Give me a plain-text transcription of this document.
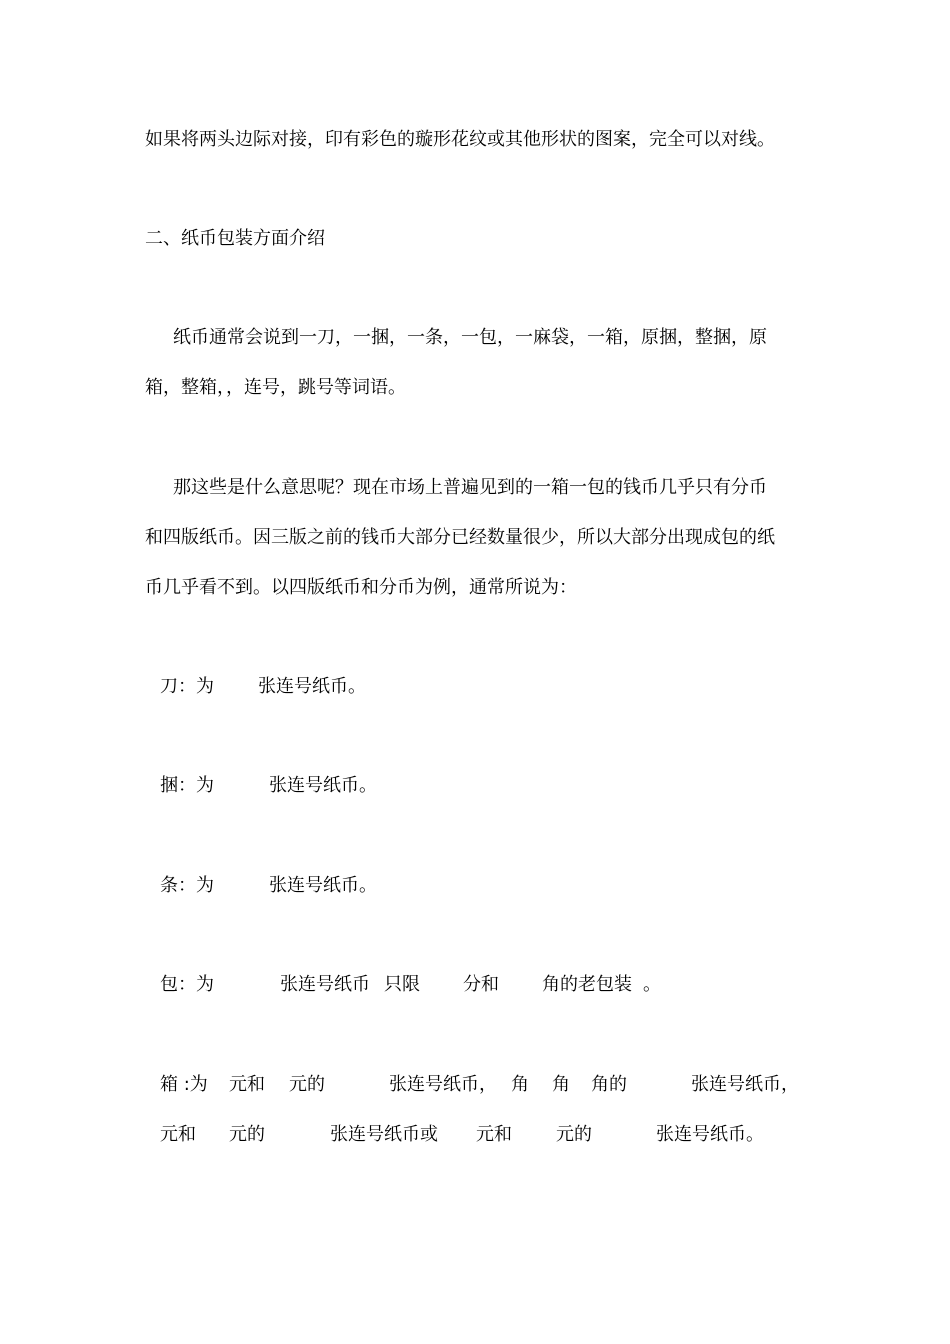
如果将两头边际对接，印有彩色的璇形花纹或其他形状的图案，完全可以对线。
二、纸币包装方面介绍
纸币通常会说到一刀，一捆，一条，一包，一麻袋，一箱，原捆，整捆，原
箱，整箱，，连号，跳号等词语。
那这些是什么意思呢？现在市场上普遍见到的一箱一包的钱币几乎只有分币
和四版纸币。因三版之前的钱币大部分已经数量很少，所以大部分出现成包的纸
币几乎看不到。以四版纸币和分币为例，通常所说为：
刀：为 张连号纸币。
捆：为	张连号纸币。
条：为	张连号纸币。
包：为	张连号纸币 只限 分和 角的老包装 。
箱 :为 元和 元的	张连号纸币， 角 角 角的	张连号纸币，
元和 元的	张连号纸币或 元和 元的	张连号纸币。
